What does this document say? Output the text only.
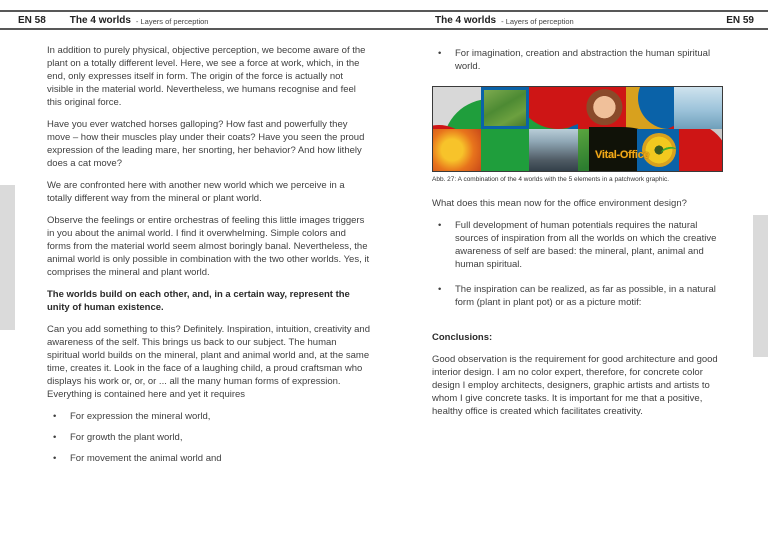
EN 58 The 4 worlds - Layers of perception	The 4 worlds - Layers of perception	EN 59

In addition to purely physical, objective perception, we become aware of the plant on a totally different level. Here, we see a force at work, which, in the end, only expresses itself in form. The origin of the force is actually not visible in the material world. Nevertheless, we humans recognise and feel this original force.

Have you ever watched horses galloping? How fast and powerfully they move – how their muscles play under their coats? Have you seen the proud expression of the leading mare, her snorting, her behavior? And how lithely does a cat move?

We are confronted here with another new world which we perceive in a totally different way from the mineral or plant world.

Observe the feelings or entire orchestras of feeling this little images triggers in you about the animal world. I find it overwhelming. Simple colors and forms from the material world seem almost boringly banal. Nevertheless, the animal world is only possible in combination with the two other worlds. Yes, it comprises the mineral and plant world.

The worlds build on each other, and, in a certain way, represent the unity of human existence.

Can you add something to this? Definitely. Inspiration, intuition, creativity and awareness of the self. This brings us back to our subject. The human spiritual world builds on the mineral, plant and animal world and, at the same time, creates it. Look in the face of a laughing child, a proud craftsman who displays his work or, or, or ... all the many human forms of expression. Everything is contained here and yet it requires

• For expression the mineral world,
• For growth the plant world,
• For movement the animal world and
• For imagination, creation and abstraction the human spiritual world.
Vital-Office
Abb. 27: A combination of the 4 worlds with the 5 elements in a patchwork graphic.

What does this mean now for the office environment design?

• Full development of human potentials requires the natural sources of inspiration from all the worlds on which the creative awareness of self are based: the mineral, plant, animal and human spiritual.
• The inspiration can be realized, as far as possible, in a natural form (plant in plant pot) or as a picture motif:

Conclusions:

Good observation is the requirement for good architecture and good interior design. I am no color expert, therefore, for concrete color design I employ architects, designers, graphic artists and artists to whom I give concrete tasks. It is important for me that a positive, healthy office is created which facilitates creativity.
